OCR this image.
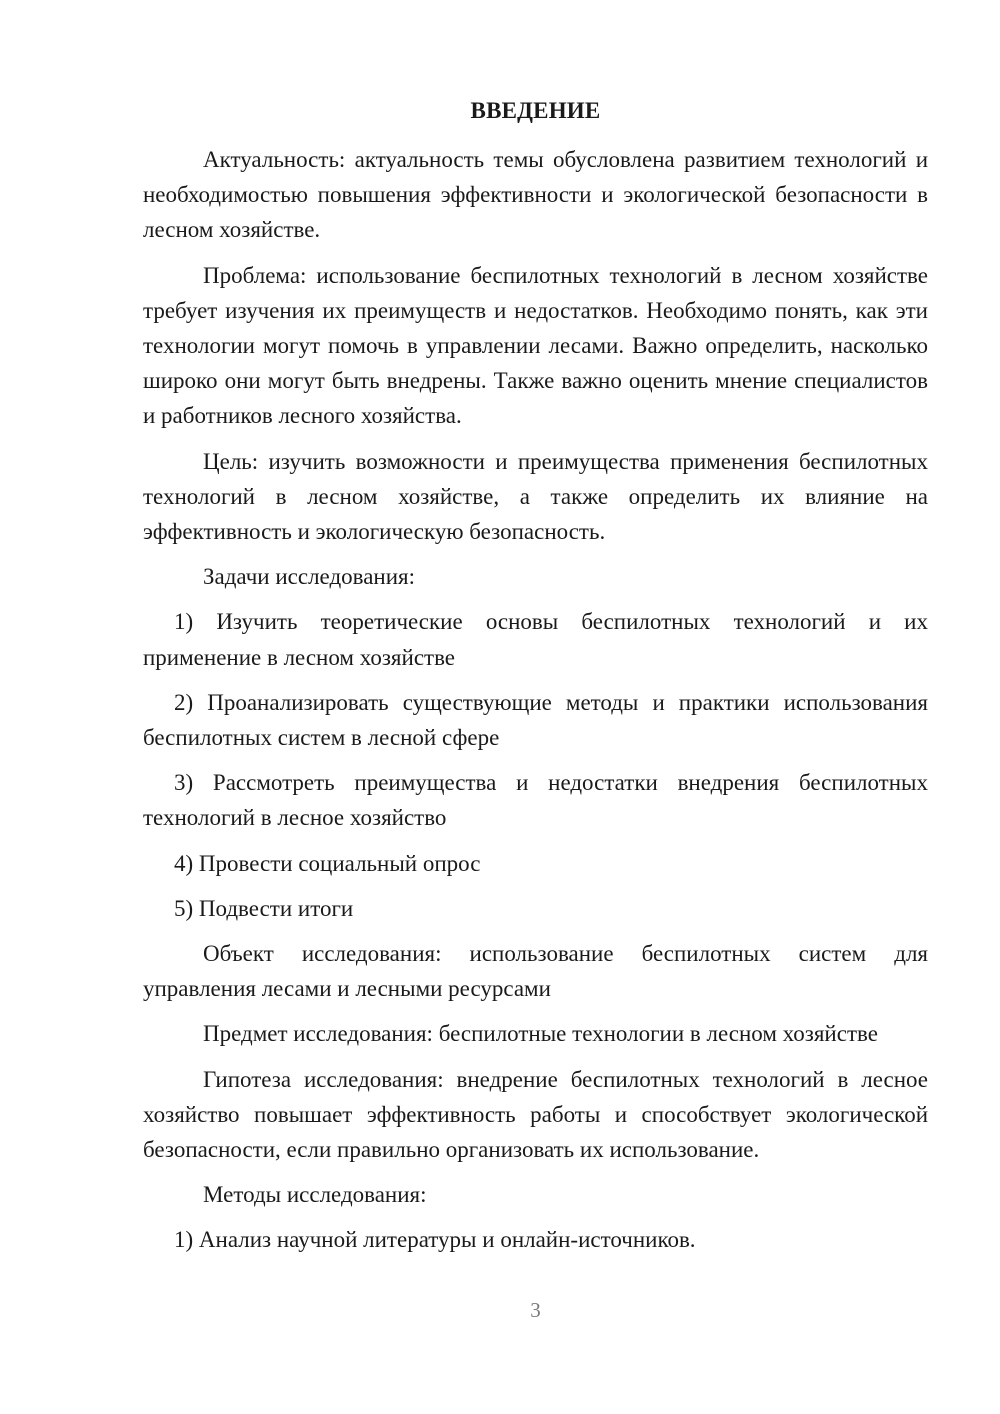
ВВЕДЕНИЕ

Актуальность: актуальность темы обусловлена развитием технологий и необходимостью повышения эффективности и экологической безопасности в лесном хозяйстве.

Проблема: использование беспилотных технологий в лесном хозяйстве требует изучения их преимуществ и недостатков. Необходимо понять, как эти технологии могут помочь в управлении лесами. Важно определить, насколько широко они могут быть внедрены. Также важно оценить мнение специалистов и работников лесного хозяйства.

Цель: изучить возможности и преимущества применения беспилотных технологий в лесном хозяйстве, а также определить их влияние на эффективность и экологическую безопасность.

Задачи исследования:

1) Изучить теоретические основы беспилотных технологий и их применение в лесном хозяйстве

2) Проанализировать существующие методы и практики использования беспилотных систем в лесной сфере

3) Рассмотреть преимущества и недостатки внедрения беспилотных технологий в лесное хозяйство

4) Провести социальный опрос

5) Подвести итоги

Объект исследования: использование беспилотных систем для управления лесами и лесными ресурсами

Предмет исследования: беспилотные технологии в лесном хозяйстве

Гипотеза исследования: внедрение беспилотных технологий в лесное хозяйство повышает эффективность работы и способствует экологической безопасности, если правильно организовать их использование.

Методы исследования:

1) Анализ научной литературы и онлайн-источников.

3
